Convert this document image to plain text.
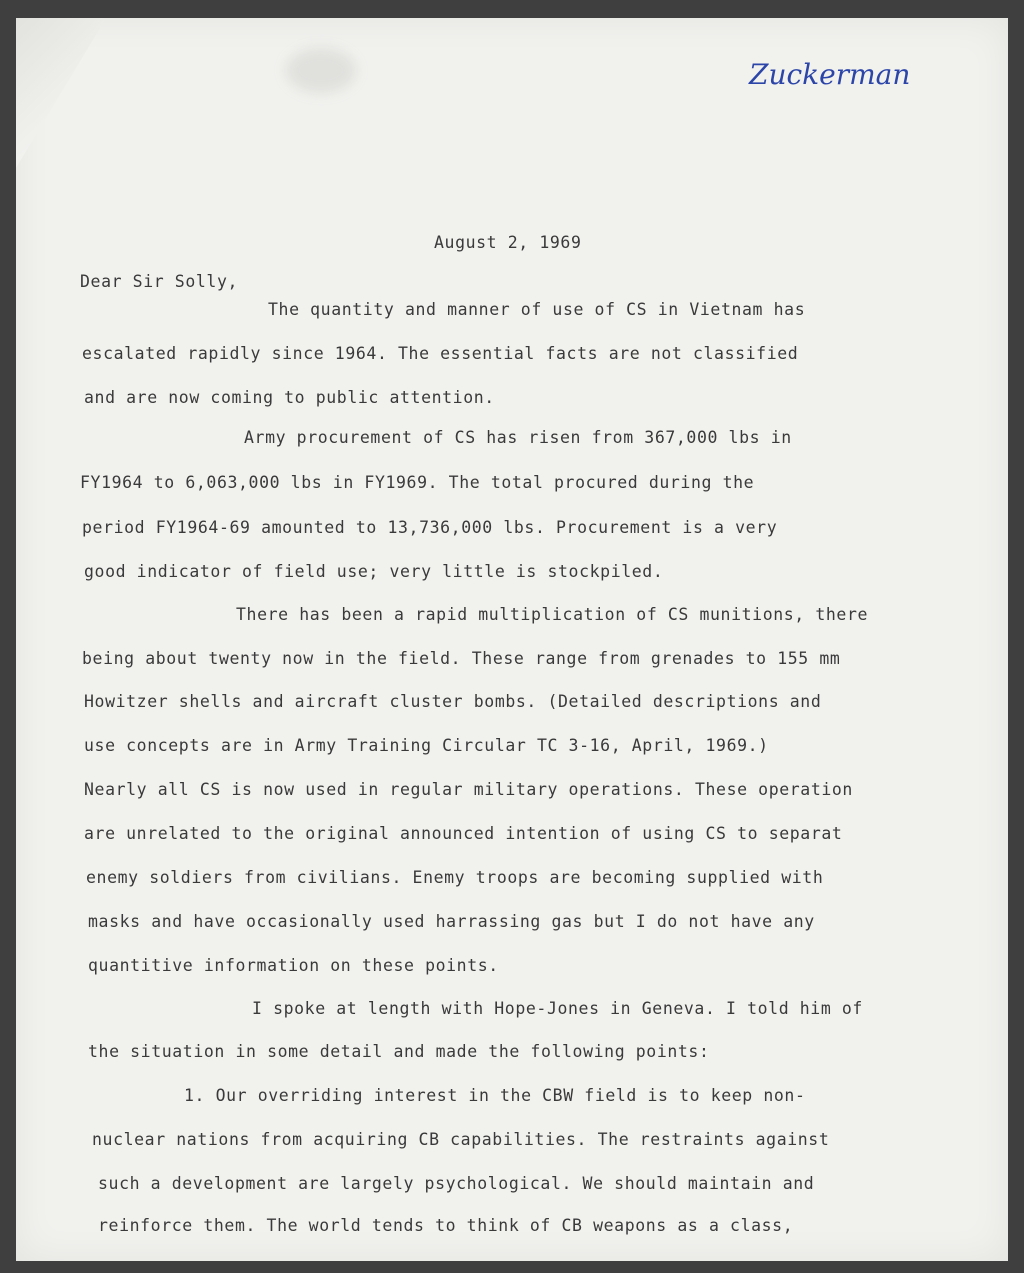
Zuckerman

August 2, 1969

Dear Sir Solly,

The quantity and manner of use of CS in Vietnam has

escalated rapidly since 1964. The essential facts are not classified

and are now coming to public attention.

Army procurement of CS has risen from 367,000 lbs in

FY1964 to 6,063,000 lbs in FY1969. The total procured during the

period FY1964-69 amounted to 13,736,000 lbs. Procurement is a very

good indicator of field use; very little is stockpiled.

There has been a rapid multiplication of CS munitions, there

being about twenty now in the field. These range from grenades to 155 mm

Howitzer shells and aircraft cluster bombs. (Detailed descriptions and

use concepts are in Army Training Circular TC 3-16, April, 1969.)

Nearly all CS is now used in regular military operations. These operation

are unrelated to the original announced intention of using CS to separat

enemy soldiers from civilians. Enemy troops are becoming supplied with

masks and have occasionally used harrassing gas but I do not have any

quantitive information on these points.

I spoke at length with Hope-Jones in Geneva. I told him of

the situation in some detail and made the following points:

1. Our overriding interest in the CBW field is to keep non-

nuclear nations from acquiring CB capabilities. The restraints against

such a development are largely psychological. We should maintain and

reinforce them. The world tends to think of CB weapons as a class,
